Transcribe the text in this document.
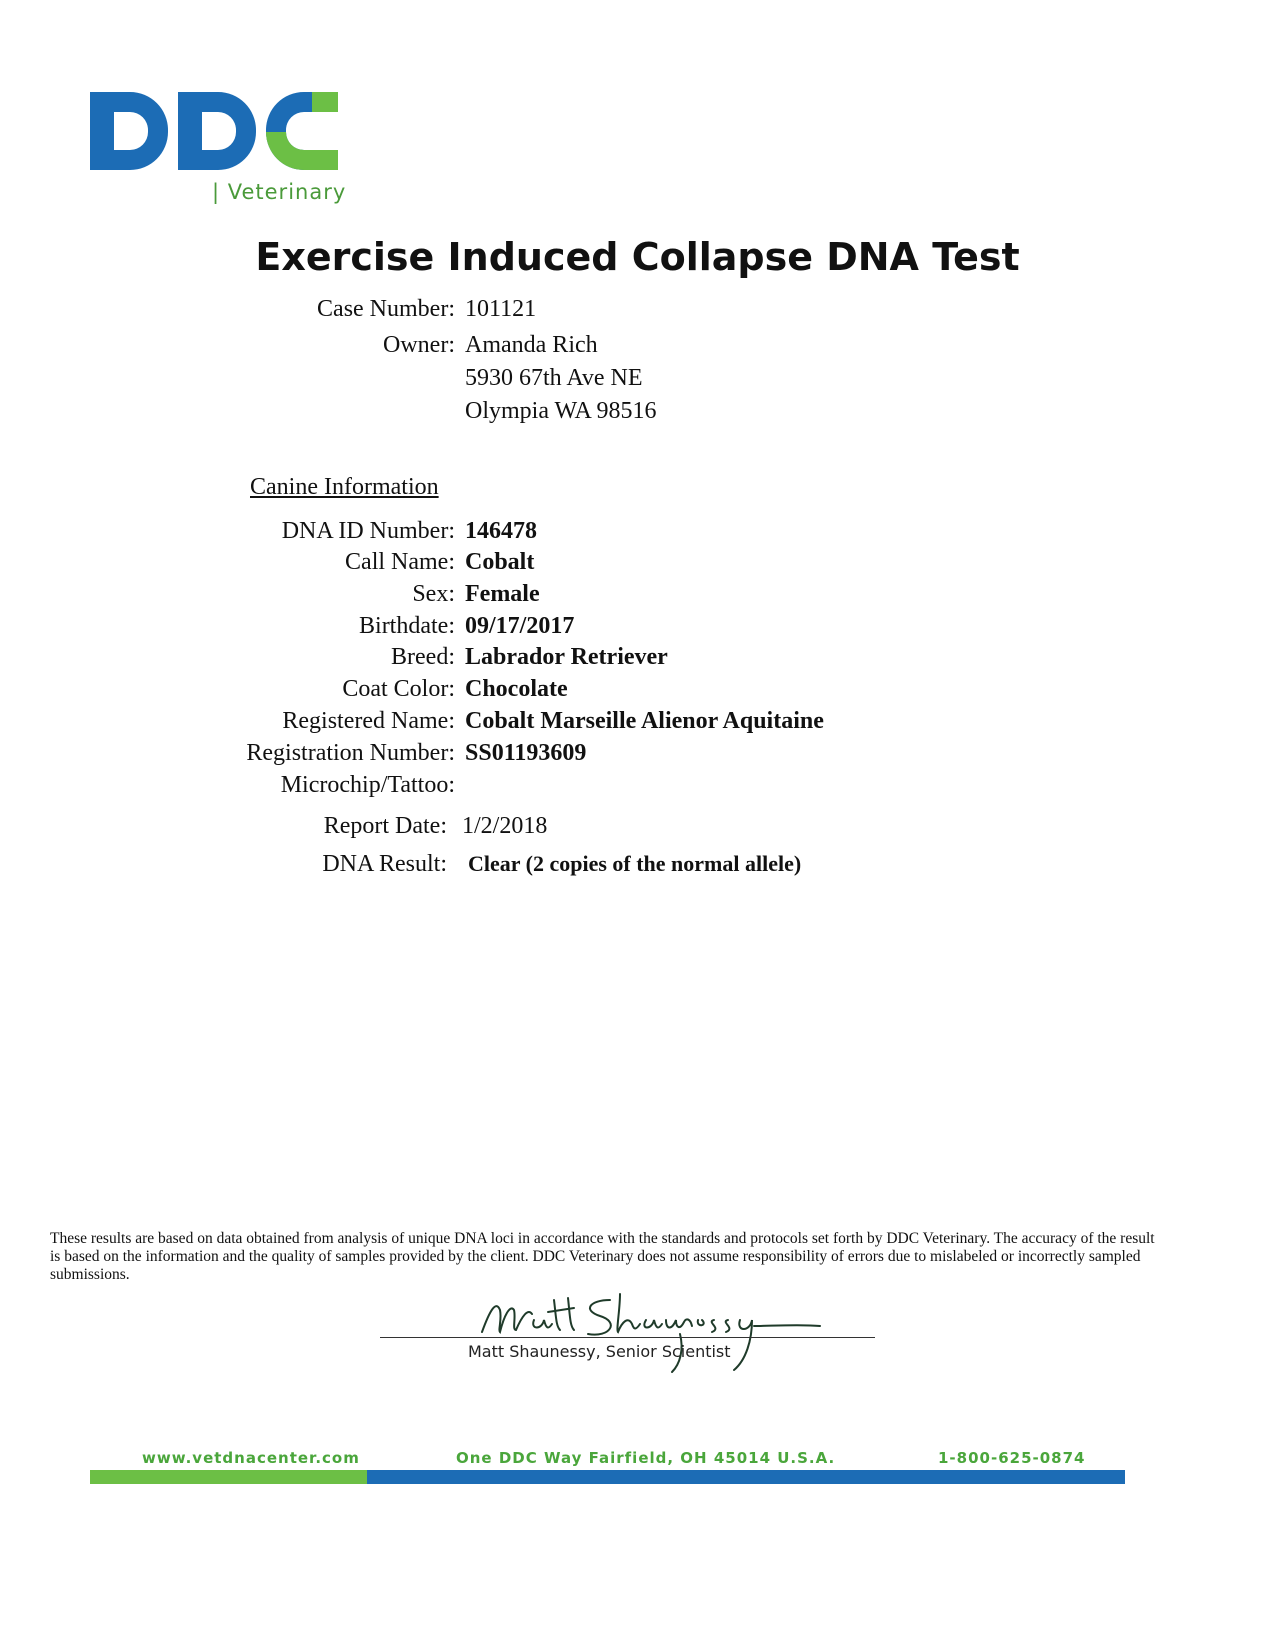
| Veterinary
Exercise Induced Collapse DNA Test
Case Number: 101121
Owner: Amanda Rich
5930 67th Ave NE
Olympia WA 98516
Canine Information
DNA ID Number: 146478
Call Name: Cobalt
Sex: Female
Birthdate: 09/17/2017
Breed: Labrador Retriever
Coat Color: Chocolate
Registered Name: Cobalt Marseille Alienor Aquitaine
Registration Number: SS01193609
Microchip/Tattoo:
Report Date: 1/2/2018
DNA Result: Clear (2 copies of the normal allele)
These results are based on data obtained from analysis of unique DNA loci in accordance with the standards and protocols set forth by DDC Veterinary. The accuracy of the result is based on the information and the quality of samples provided by the client. DDC Veterinary does not assume responsibility of errors due to mislabeled or incorrectly sampled submissions.
Matt Shaunessy, Senior Scientist
www.vetdnacenter.com	One DDC Way Fairfield, OH 45014 U.S.A.	1-800-625-0874
